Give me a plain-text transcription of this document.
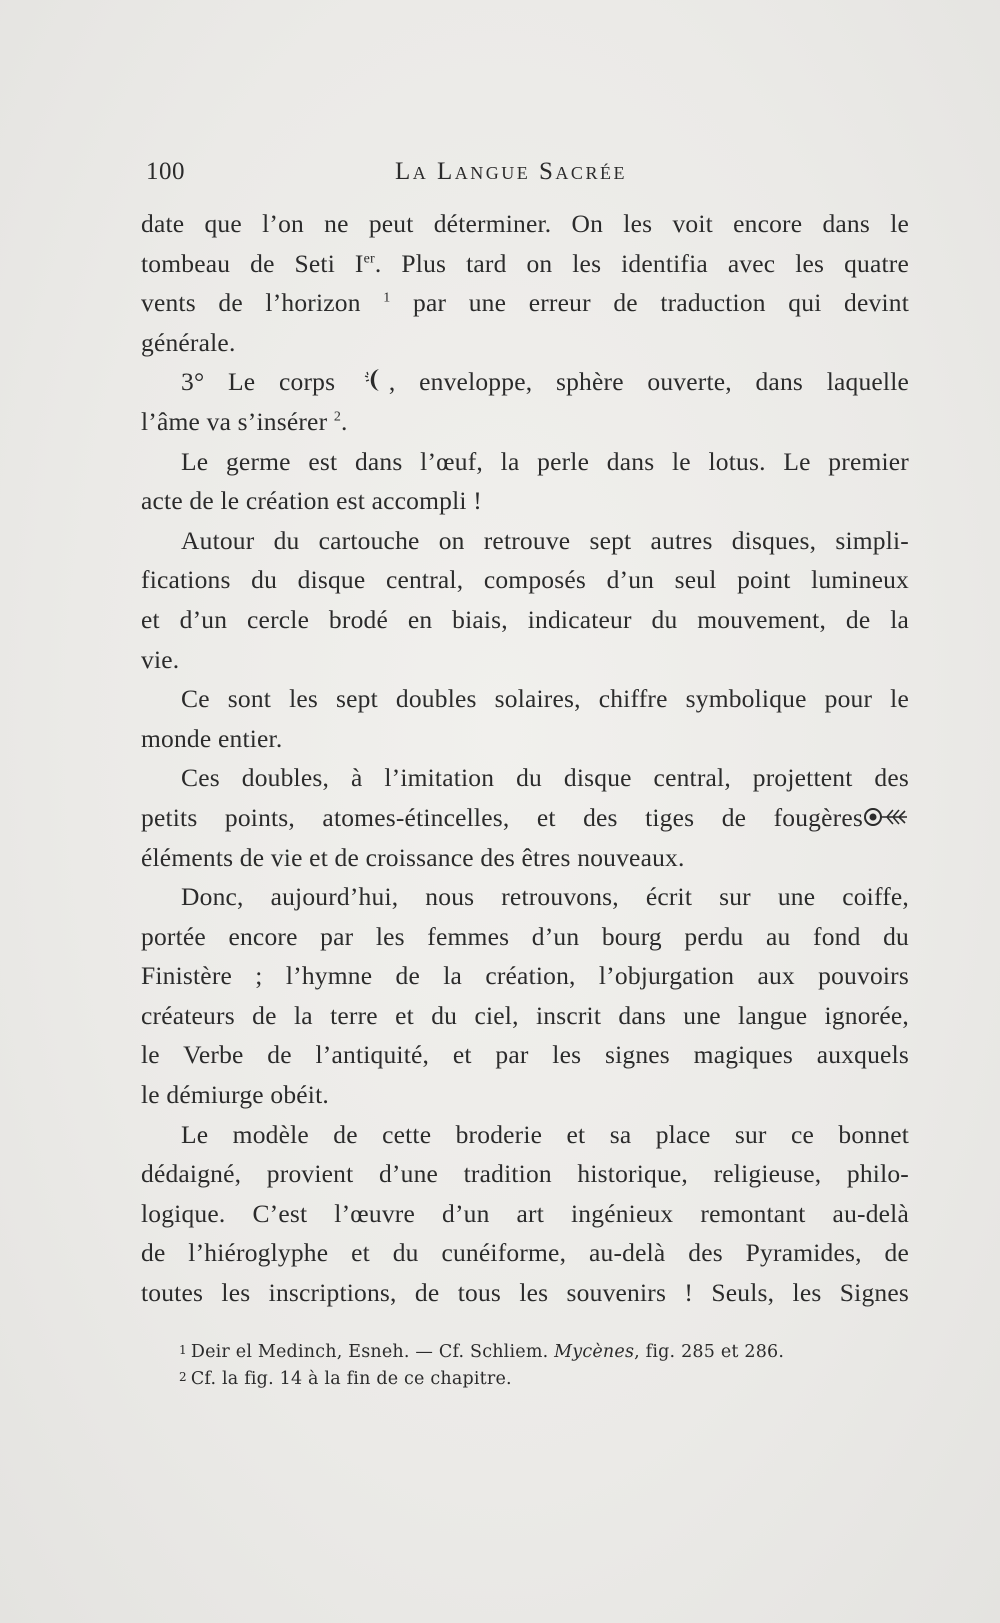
100	La Langue Sacrée
date que l’on ne peut déterminer. On les voit encore dans le
tombeau de Seti Ier. Plus tard on les identifia avec les quatre
vents de l’horizon $^1$ par une erreur de traduction qui devint
générale.
3° Le corps , enveloppe, sphère ouverte, dans laquelle
l’âme va s’insérer $^2$.
Le germe est dans l’œuf, la perle dans le lotus. Le premier
acte de le création est accompli !
Autour du cartouche on retrouve sept autres disques, simpli-
fications du disque central, composés d’un seul point lumineux
et d’un cercle brodé en biais, indicateur du mouvement, de la
vie.
Ce sont les sept doubles solaires, chiffre symbolique pour le
monde entier.
Ces doubles, à l’imitation du disque central, projettent des
petits points, atomes-étincelles, et des tiges de fougères
éléments de vie et de croissance des êtres nouveaux.
Donc, aujourd’hui, nous retrouvons, écrit sur une coiffe,
portée encore par les femmes d’un bourg perdu au fond du
Finistère ; l’hymne de la création, l’objurgation aux pouvoirs
créateurs de la terre et du ciel, inscrit dans une langue ignorée,
le Verbe de l’antiquité, et par les signes magiques auxquels
le démiurge obéit.
Le modèle de cette broderie et sa place sur ce bonnet
dédaigné, provient d’une tradition historique, religieuse, philo-
logique. C’est l’œuvre d’un art ingénieux remontant au-delà
de l’hiéroglyphe et du cunéiforme, au-delà des Pyramides, de
toutes les inscriptions, de tous les souvenirs ! Seuls, les Signes
1 Deir el Medinch, Esneh. — Cf. Schliem. Mycènes, fig. 285 et 286.
2 Cf. la fig. 14 à la fin de ce chapitre.
